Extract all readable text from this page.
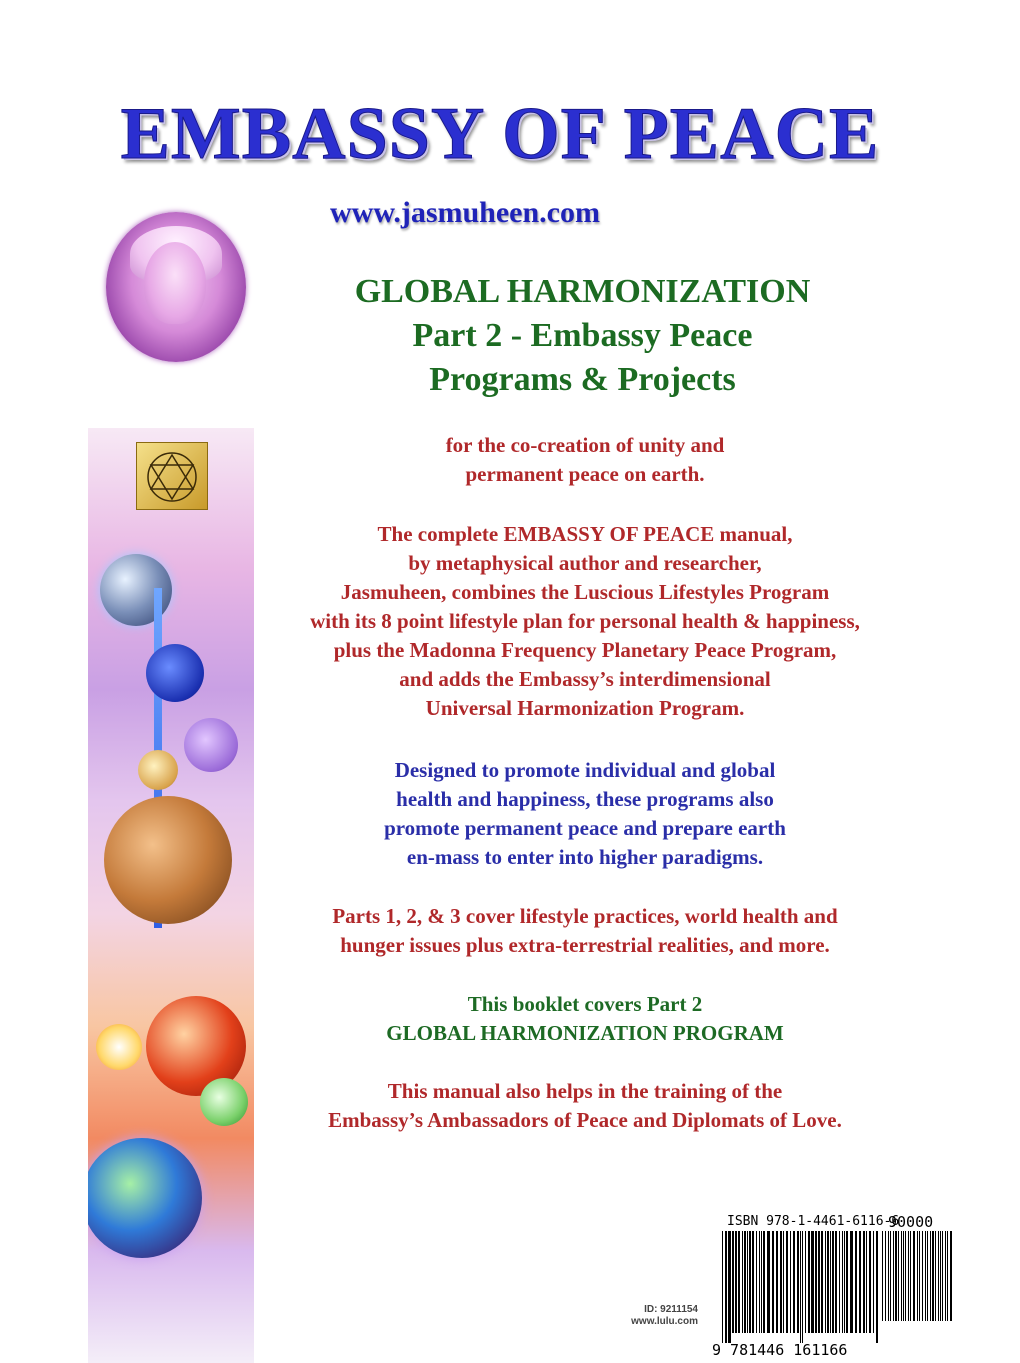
EMBASSY OF PEACE
www.jasmuheen.com
GLOBAL HARMONIZATION
Part 2 - Embassy Peace
Programs & Projects
for the co-creation of unity and
permanent peace on earth.
The complete EMBASSY OF PEACE manual,
by metaphysical author and researcher,
Jasmuheen, combines the Luscious Lifestyles Program
with its 8 point lifestyle plan for personal health & happiness,
plus the Madonna Frequency Planetary Peace Program,
and adds the Embassy’s interdimensional
Universal Harmonization Program.
Designed to promote individual and global
health and happiness, these programs also
promote permanent peace and prepare earth
en-mass to enter into higher paradigms.
Parts 1, 2, & 3 cover lifestyle practices, world health and
hunger issues plus extra-terrestrial realities, and more.
This booklet covers Part 2
GLOBAL HARMONIZATION PROGRAM
This manual also helps in the training of the
Embassy’s Ambassadors of Peace and Diplomats of Love.
ID: 9211154
www.lulu.com
ISBN 978-1-4461-6116-6
90000
9 781446 161166
